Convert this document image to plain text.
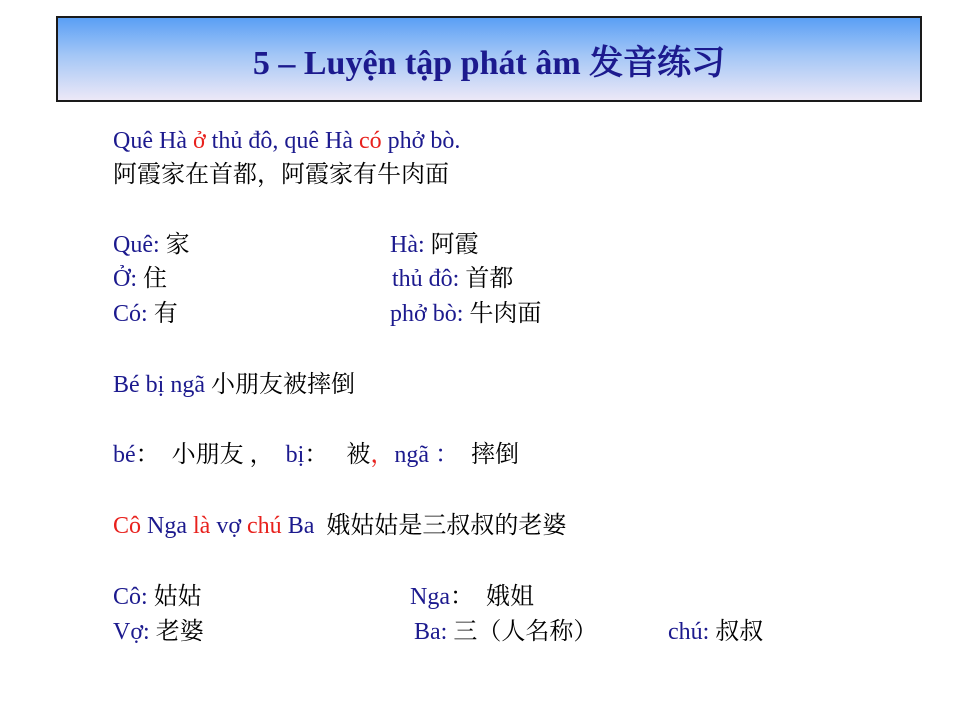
5 – Luyện tập phát âm 发音练习
Quê Hà ở thủ đô, quê Hà có phở bò.
阿霞家在首都，阿霞家有牛肉面
Quê: 家	Hà: 阿霞
Ở: 住	thủ đô: 首都
Có: 有	phở bò: 牛肉面
Bé bị ngã 小朋友被摔倒
bé：  小朋友 ，  bị：   被，ngã ：  摔倒
Cô Nga là vợ chú Ba  娥姑姑是三叔叔的老婆
Cô: 姑姑	Nga：  娥姐
Vợ: 老婆	Ba: 三（人名称）	chú: 叔叔
